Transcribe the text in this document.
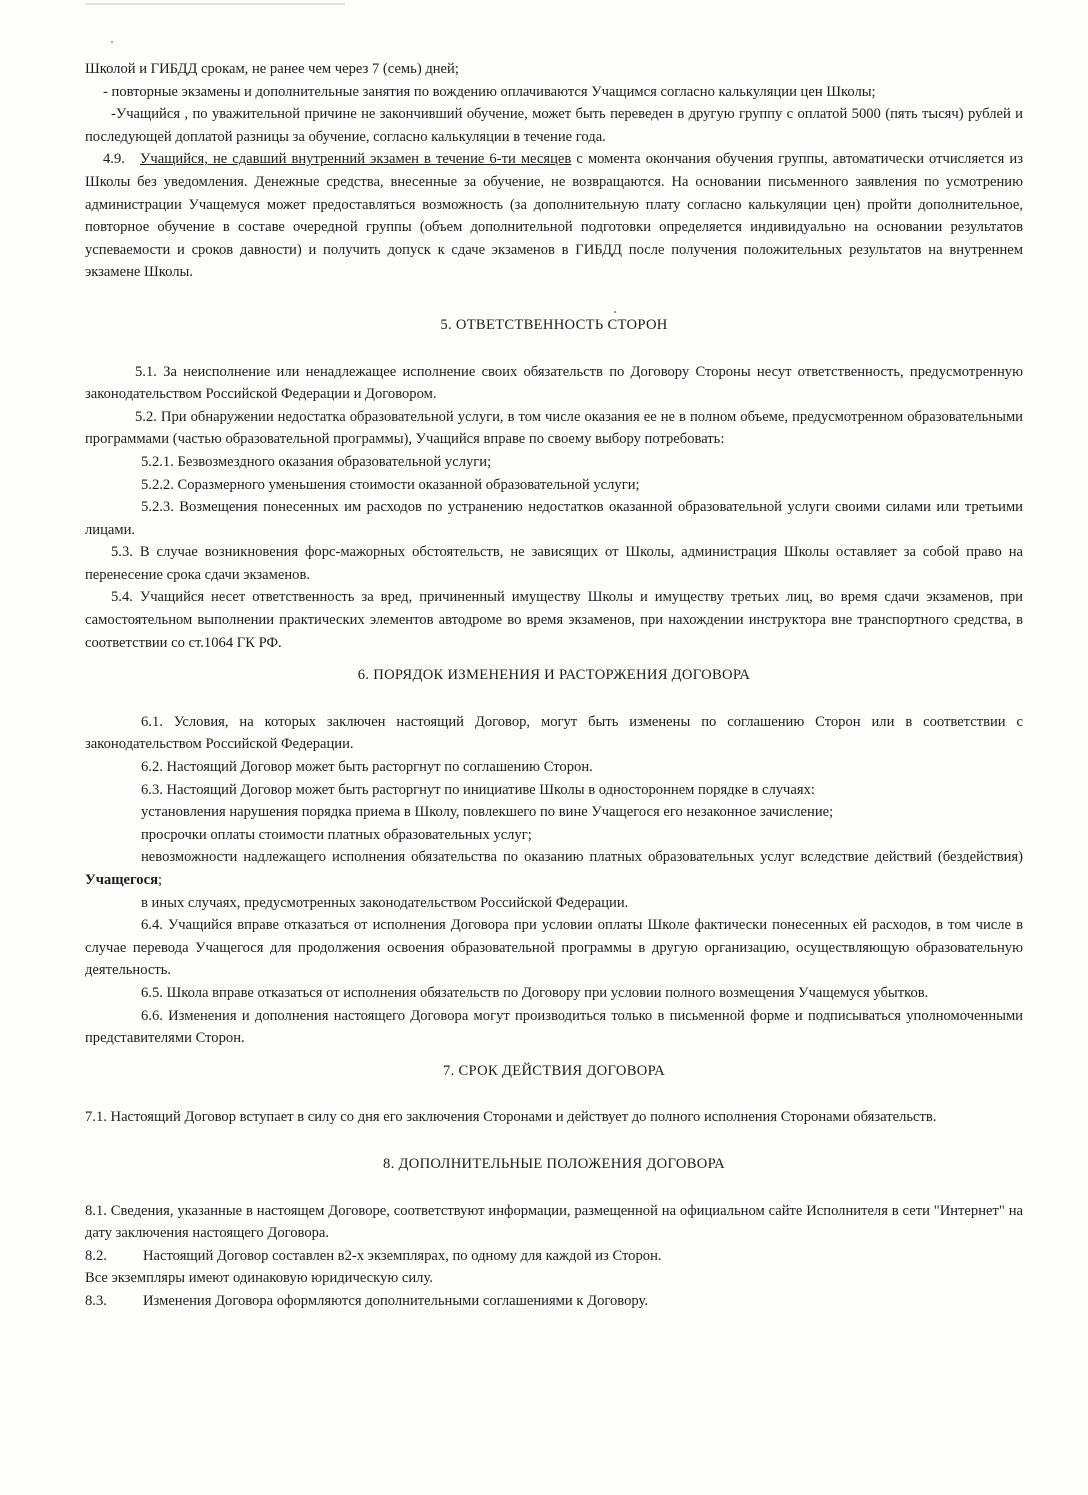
Школой и ГИБДД срокам, не ранее чем через 7 (семь) дней;

- повторные экзамены и дополнительные занятия по вождению оплачиваются Учащимся согласно калькуляции цен Школы;

-Учащийся , по уважительной причине не закончивший обучение, может быть переведен в другую группу с оплатой 5000 (пять тысяч) рублей и последующей доплатой разницы за обучение, согласно калькуляции в течение года.

4.9. Учащийся, не сдавший внутренний экзамен в течение 6-ти месяцев с момента окончания обучения группы, автоматически отчисляется из Школы без уведомления. Денежные средства, внесенные за обучение, не возвращаются. На основании письменного заявления по усмотрению администрации Учащемуся может предоставляться возможность (за дополнительную плату согласно калькуляции цен) пройти дополнительное, повторное обучение в составе очередной группы (объем дополнительной подготовки определяется индивидуально на основании результатов успеваемости и сроков давности) и получить допуск к сдаче экзаменов в ГИБДД после получения положительных результатов на внутреннем экзамене Школы.

5. ОТВЕТСТВЕННОСТЬ СТОРОН

5.1. За неисполнение или ненадлежащее исполнение своих обязательств по Договору Стороны несут ответственность, предусмотренную законодательством Российской Федерации и Договором.

5.2. При обнаружении недостатка образовательной услуги, в том числе оказания ее не в полном объеме, предусмотренном образовательными программами (частью образовательной программы), Учащийся вправе по своему выбору потребовать:

5.2.1. Безвозмездного оказания образовательной услуги;

5.2.2. Соразмерного уменьшения стоимости оказанной образовательной услуги;

5.2.3. Возмещения понесенных им расходов по устранению недостатков оказанной образовательной услуги своими силами или третьими лицами.

5.3. В случае возникновения форс-мажорных обстоятельств, не зависящих от Школы, администрация Школы оставляет за собой право на перенесение срока сдачи экзаменов.

5.4. Учащийся несет ответственность за вред, причиненный имуществу Школы и имуществу третьих лиц, во время сдачи экзаменов, при самостоятельном выполнении практических элементов автодроме во время экзаменов, при нахождении инструктора вне транспортного средства, в соответствии со ст.1064 ГК РФ.

6. ПОРЯДОК ИЗМЕНЕНИЯ И РАСТОРЖЕНИЯ ДОГОВОРА

6.1. Условия, на которых заключен настоящий Договор, могут быть изменены по соглашению Сторон или в соответствии с законодательством Российской Федерации.

6.2. Настоящий Договор может быть расторгнут по соглашению Сторон.

6.3. Настоящий Договор может быть расторгнут по инициативе Школы в одностороннем порядке в случаях:

установления нарушения порядка приема в Школу, повлекшего по вине Учащегося его незаконное зачисление;

просрочки оплаты стоимости платных образовательных услуг;

невозможности надлежащего исполнения обязательства по оказанию платных образовательных услуг вследствие действий (бездействия) Учащегося;

в иных случаях, предусмотренных законодательством Российской Федерации.

6.4. Учащийся вправе отказаться от исполнения Договора при условии оплаты Школе фактически понесенных ей расходов, в том числе в случае перевода Учащегося для продолжения освоения образовательной программы в другую организацию, осуществляющую образовательную деятельность.

6.5. Школа вправе отказаться от исполнения обязательств по Договору при условии полного возмещения Учащемуся убытков.

6.6. Изменения и дополнения настоящего Договора могут производиться только в письменной форме и подписываться уполномоченными представителями Сторон.

7. СРОК ДЕЙСТВИЯ ДОГОВОРА

7.1. Настоящий Договор вступает в силу со дня его заключения Сторонами и действует до полного исполнения Сторонами обязательств.

8. ДОПОЛНИТЕЛЬНЫЕ ПОЛОЖЕНИЯ ДОГОВОРА

8.1. Сведения, указанные в настоящем Договоре, соответствуют информации, размещенной на официальном сайте Исполнителя в сети "Интернет" на дату заключения настоящего Договора.

8.2.	Настоящий Договор составлен в2-х экземплярах, по одному для каждой из Сторон.

Все экземпляры имеют одинаковую юридическую силу.

8.3.	Изменения Договора оформляются дополнительными соглашениями к Договору.
